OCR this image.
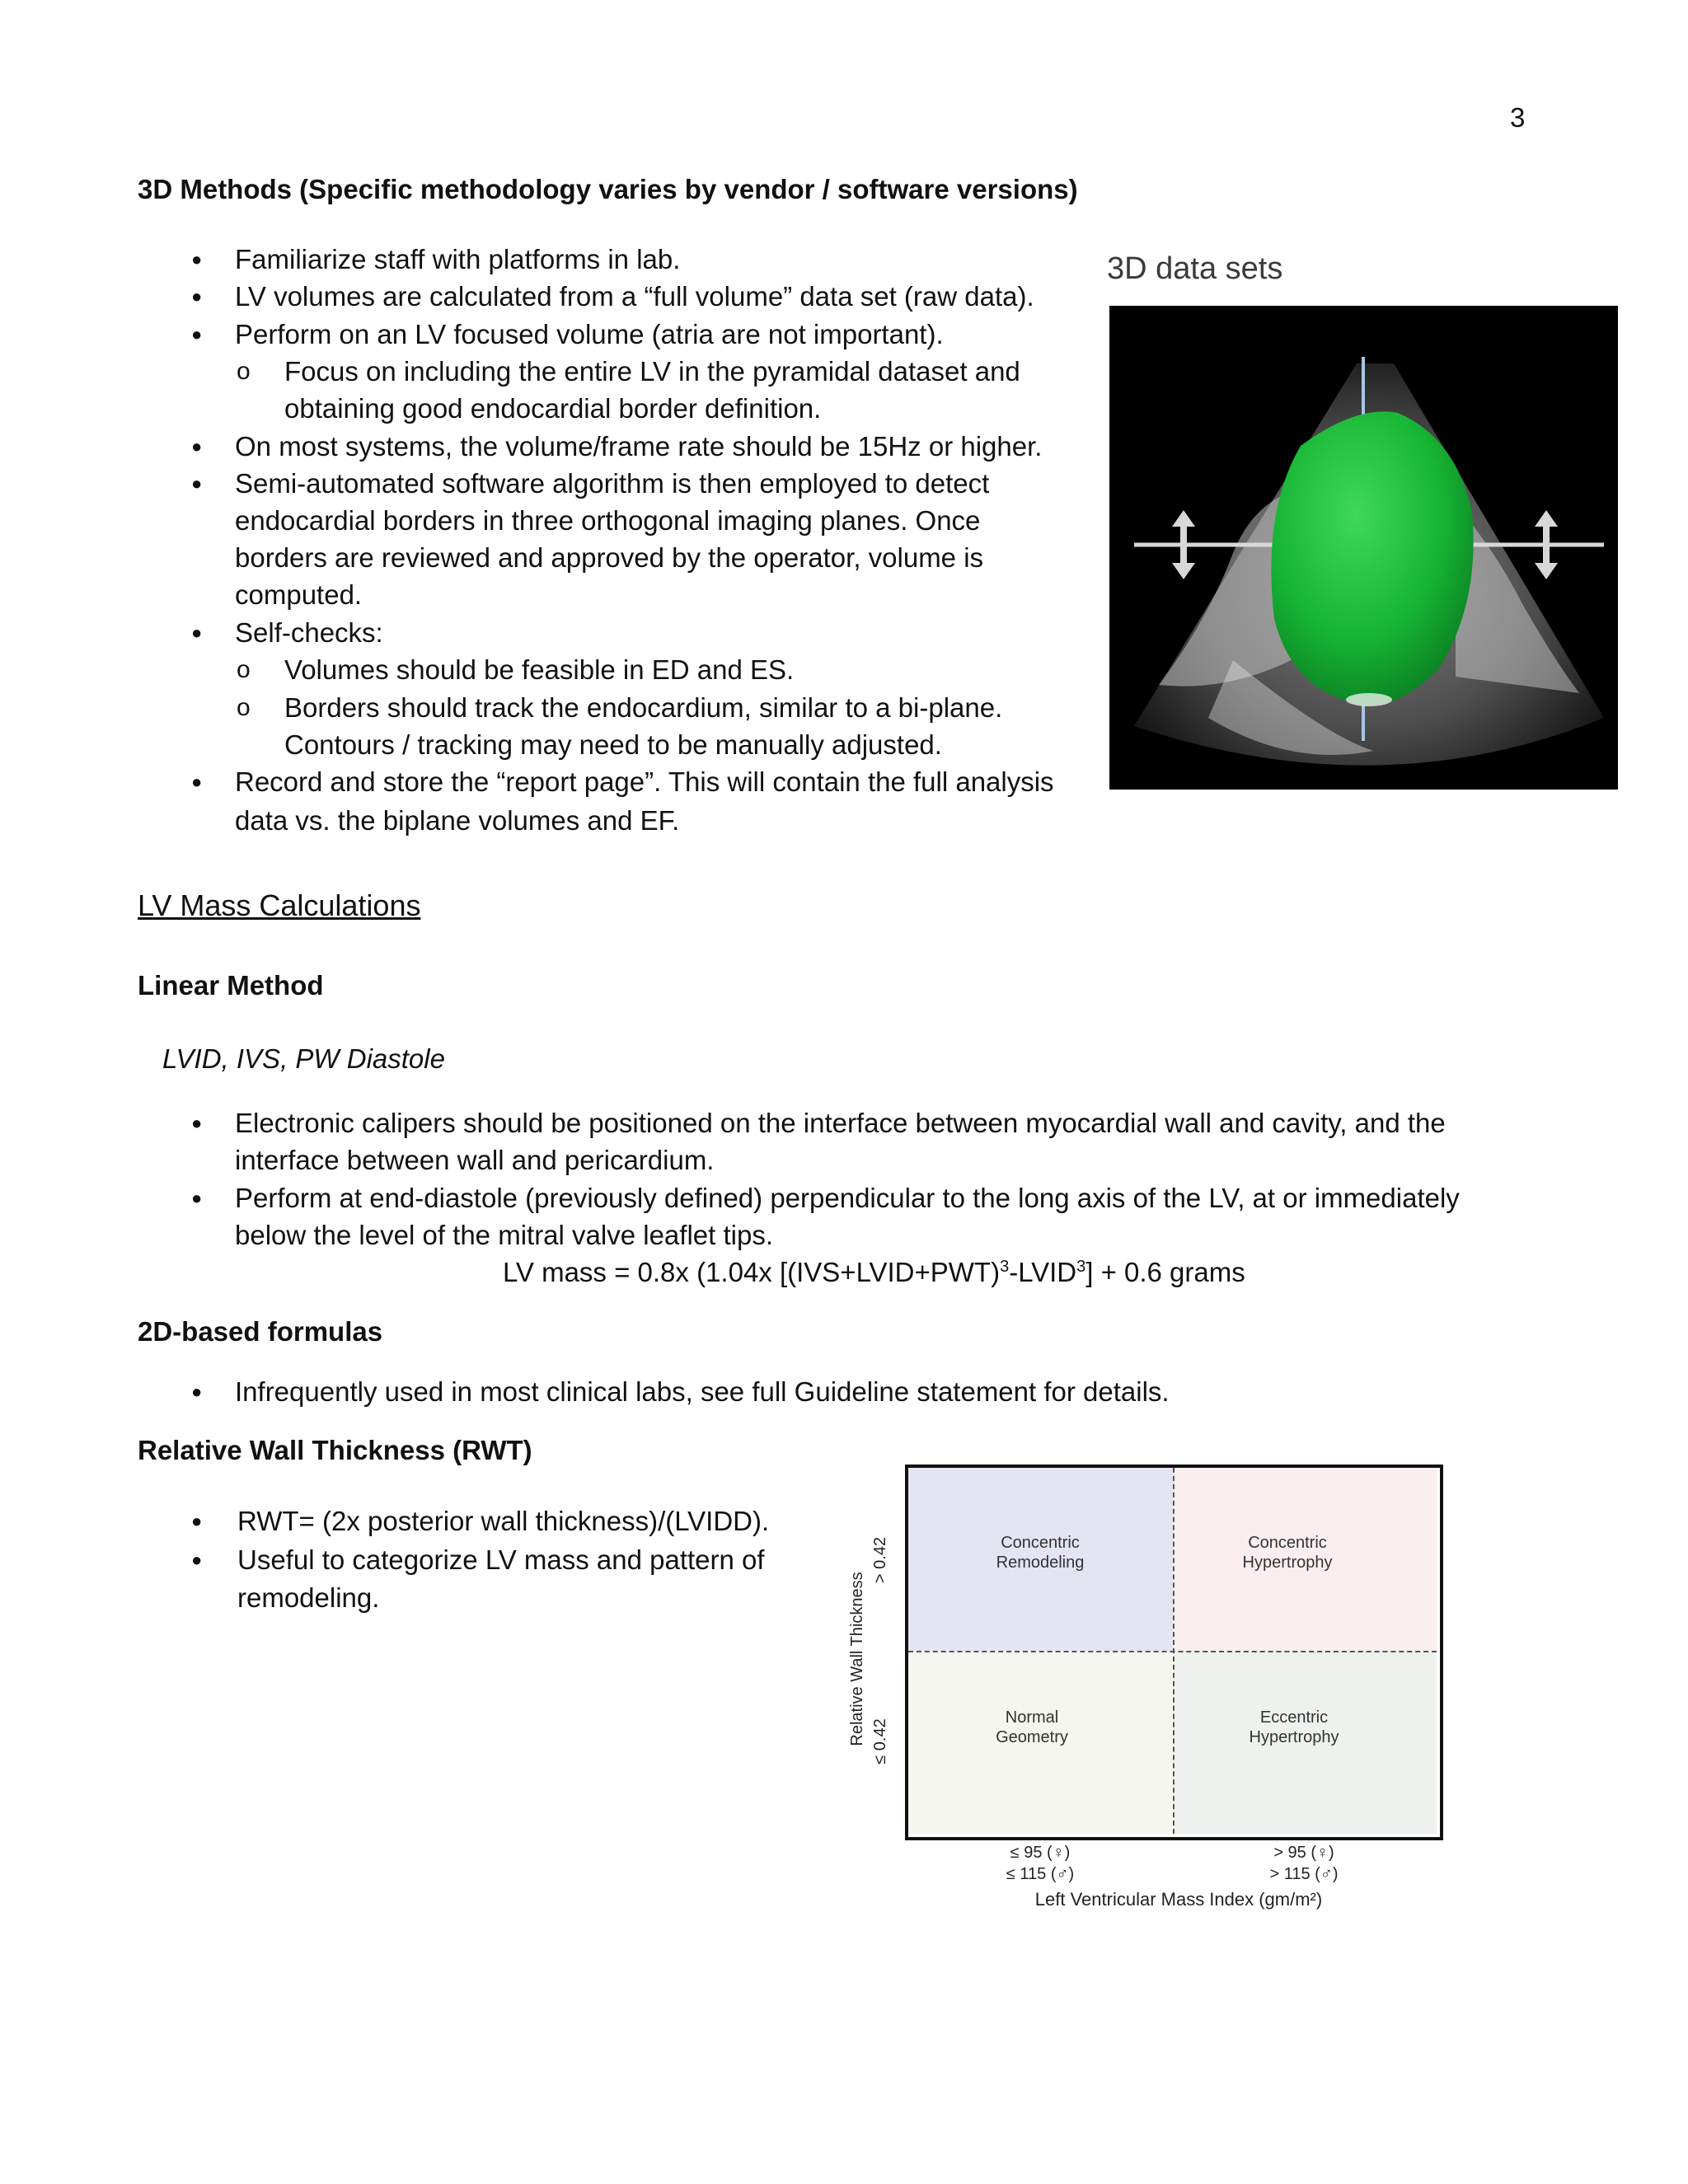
3
3D Methods (Specific methodology varies by vendor / software versions)
● Familiarize staff with platforms in lab.
● LV volumes are calculated from a “full volume” data set (raw data).
● Perform on an LV focused volume (atria are not important).
o Focus on including the entire LV in the pyramidal dataset and
obtaining good endocardial border definition.
● On most systems, the volume/frame rate should be 15Hz or higher.
● Semi-automated software algorithm is then employed to detect
endocardial borders in three orthogonal imaging planes. Once
borders are reviewed and approved by the operator, volume is
computed.
● Self-checks:
o Volumes should be feasible in ED and ES.
o Borders should track the endocardium, similar to a bi-plane.
Contours / tracking may need to be manually adjusted.
● Record and store the “report page”. This will contain the full analysis
data vs. the biplane volumes and EF.
3D data sets
LV Mass Calculations
Linear Method
LVID, IVS, PW Diastole
● Electronic calipers should be positioned on the interface between myocardial wall and cavity, and the
interface between wall and pericardium.
● Perform at end-diastole (previously defined) perpendicular to the long axis of the LV, at or immediately
below the level of the mitral valve leaflet tips.
LV mass = 0.8x (1.04x $[(IVS+LVID+PWT)^3-LVID^3] + 0.6$ grams
2D-based formulas
● Infrequently used in most clinical labs, see full Guideline statement for details.
Relative Wall Thickness (RWT)
● RWT= (2x posterior wall thickness)/(LVIDD).
● Useful to categorize LV mass and pattern of
remodeling.
Concentric
Remodeling
Concentric
Hypertrophy
Normal
Geometry
Eccentric
Hypertrophy
Relative Wall Thickness
> 0.42
≤ 0.42
≤ 95 (♀)
≤ 115 (♂)
> 95 (♀)
> 115 (♂)
Left Ventricular Mass Index (gm/m²)
